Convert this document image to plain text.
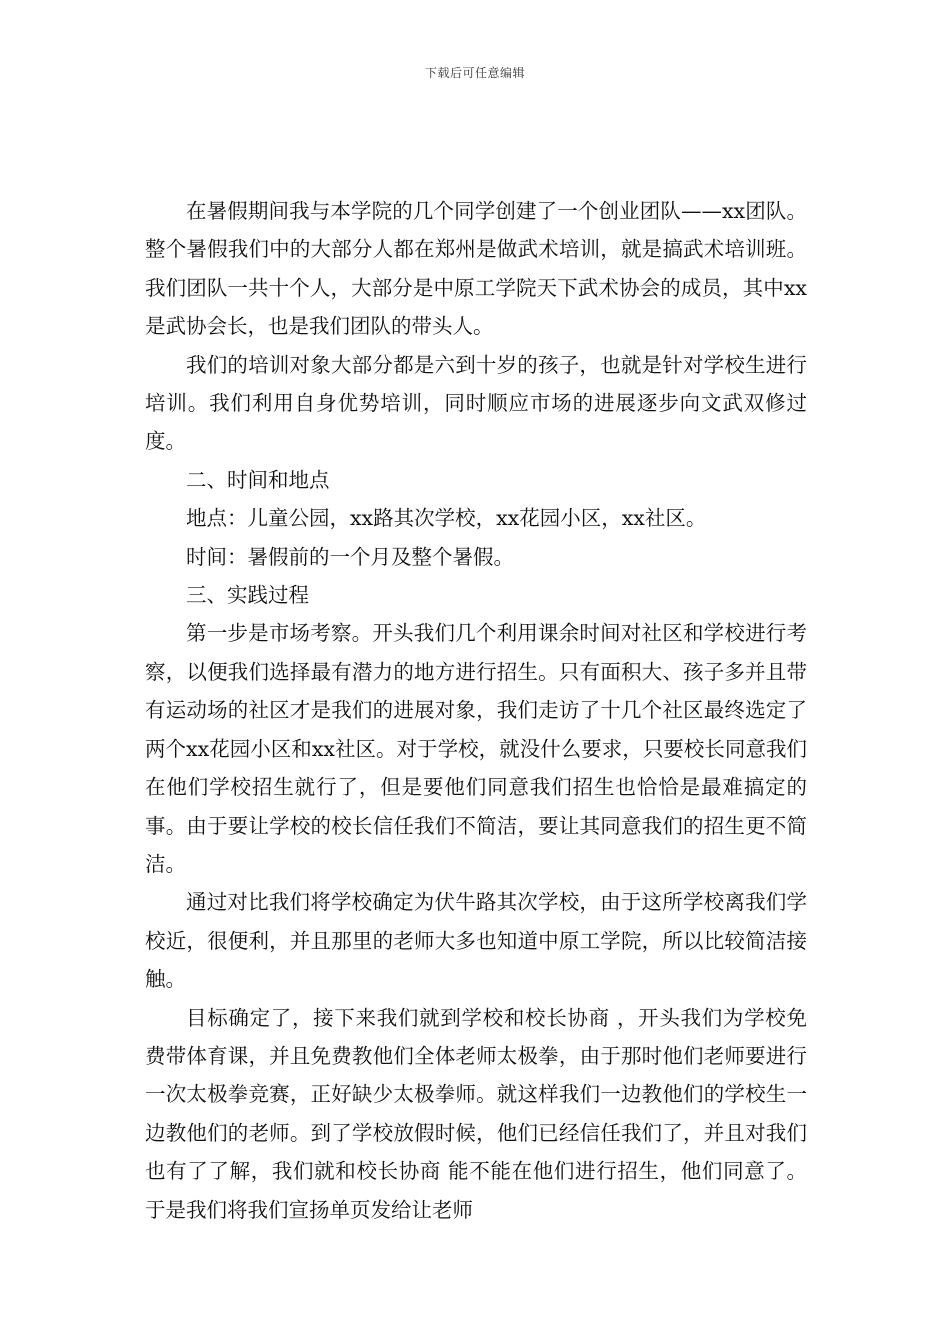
下载后可任意编辑

在暑假期间我与本学院的几个同学创建了一个创业团队——xx团队。整个暑假我们中的大部分人都在郑州是做武术培训，就是搞武术培训班。我们团队一共十个人，大部分是中原工学院天下武术协会的成员，其中xx是武协会长，也是我们团队的带头人。

我们的培训对象大部分都是六到十岁的孩子，也就是针对学校生进行培训。我们利用自身优势培训，同时顺应市场的进展逐步向文武双修过度。

二、时间和地点

地点：儿童公园，xx路其次学校，xx花园小区，xx社区。

时间：暑假前的一个月及整个暑假。

三、实践过程

第一步是市场考察。开头我们几个利用课余时间对社区和学校进行考察，以便我们选择最有潜力的地方进行招生。只有面积大、孩子多并且带有运动场的社区才是我们的进展对象，我们走访了十几个社区最终选定了两个xx花园小区和xx社区。对于学校，就没什么要求，只要校长同意我们在他们学校招生就行了，但是要他们同意我们招生也恰恰是最难搞定的事。由于要让学校的校长信任我们不简洁，要让其同意我们的招生更不简洁。

通过对比我们将学校确定为伏牛路其次学校，由于这所学校离我们学校近，很便利，并且那里的老师大多也知道中原工学院，所以比较简洁接触。

目标确定了，接下来我们就到学校和校长协商 ，开头我们为学校免费带体育课，并且免费教他们全体老师太极拳，由于那时他们老师要进行一次太极拳竞赛，正好缺少太极拳师。就这样我们一边教他们的学校生一边教他们的老师。到了学校放假时候，他们已经信任我们了，并且对我们也有了了解，我们就和校长协商 能不能在他们进行招生，他们同意了。于是我们将我们宣扬单页发给让老师
